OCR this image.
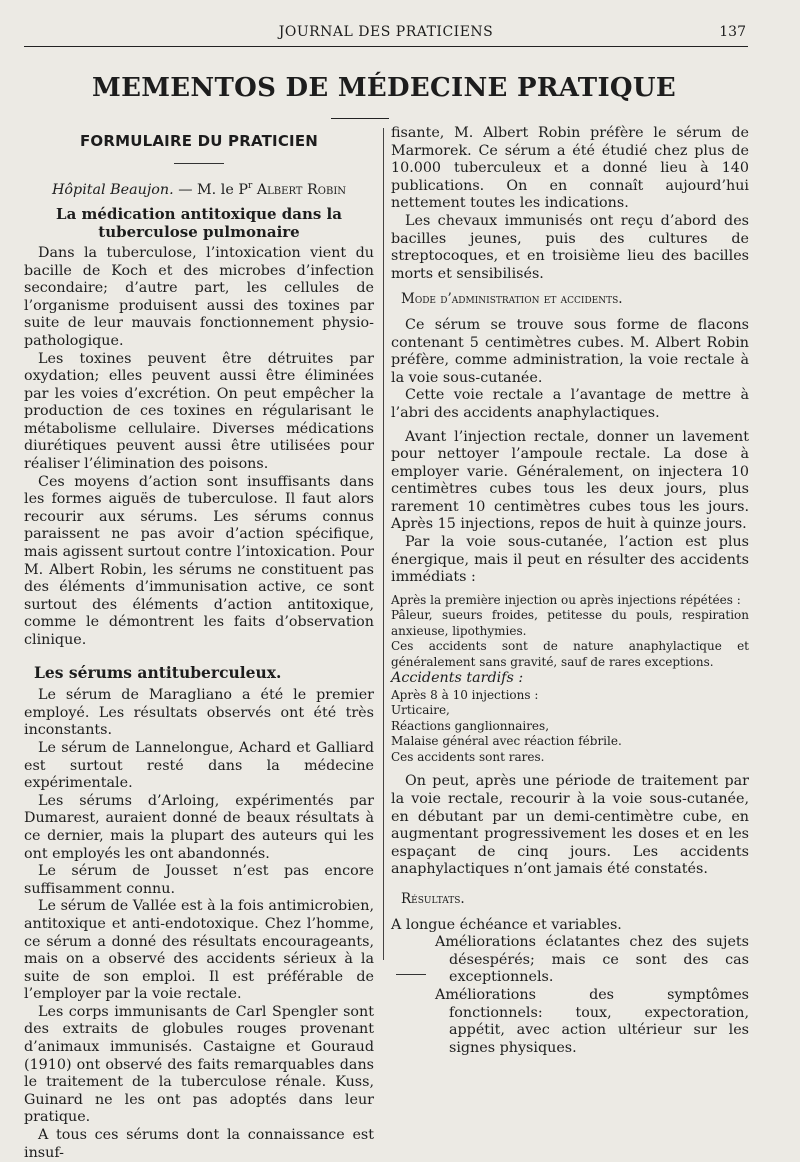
JOURNAL DES PRATICIENS	137
MEMENTOS DE MÉDECINE PRATIQUE
FORMULAIRE DU PRATICIEN
Hôpital Beaujon. — M. le $P^r$ Albert Robin
La médication antitoxique dans la tuberculose pulmonaire

Dans la tuberculose, l’intoxication vient du bacille de Koch et des microbes d’infection secondaire; d’autre part, les cellules de l’organisme produisent aussi des toxines par suite de leur mauvais fonctionnement physio-pathologique.

Les toxines peuvent être détruites par oxydation; elles peuvent aussi être éliminées par les voies d’excrétion. On peut empêcher la production de ces toxines en régularisant le métabolisme cellulaire. Diverses médications diurétiques peuvent aussi être utilisées pour réaliser l’élimination des poisons.

Ces moyens d’action sont insuffisants dans les formes aiguës de tuberculose. Il faut alors recourir aux sérums. Les sérums connus paraissent ne pas avoir d’action spécifique, mais agissent surtout contre l’intoxication. Pour M. Albert Robin, les sérums ne constituent pas des éléments d’immunisation active, ce sont surtout des éléments d’action antitoxique, comme le démontrent les faits d’observation clinique.

Les sérums antituberculeux.

Le sérum de Maragliano a été le premier employé. Les résultats observés ont été très inconstants.

Le sérum de Lannelongue, Achard et Galliard est surtout resté dans la médecine expérimentale.

Les sérums d’Arloing, expérimentés par Dumarest, auraient donné de beaux résultats à ce dernier, mais la plupart des auteurs qui les ont employés les ont abandonnés.

Le sérum de Jousset n’est pas encore suffisamment connu.

Le sérum de Vallée est à la fois antimicrobien, antitoxique et anti-endotoxique. Chez l’homme, ce sérum a donné des résultats encourageants, mais on a observé des accidents sérieux à la suite de son emploi. Il est préférable de l’employer par la voie rectale.

Les corps immunisants de Carl Spengler sont des extraits de globules rouges provenant d’animaux immunisés. Castaigne et Gouraud (1910) ont observé des faits remarquables dans le traitement de la tuberculose rénale. Kuss, Guinard ne les ont pas adoptés dans leur pratique.

A tous ces sérums dont la connaissance est insuf-

fisante, M. Albert Robin préfère le sérum de Marmorek. Ce sérum a été étudié chez plus de 10.000 tuberculeux et a donné lieu à 140 publications. On en connaît aujourd’hui nettement toutes les indications.

Les chevaux immunisés ont reçu d’abord des bacilles jeunes, puis des cultures de streptocoques, et en troisième lieu des bacilles morts et sensibilisés.

Mode d’administration et accidents.

Ce sérum se trouve sous forme de flacons contenant 5 centimètres cubes. M. Albert Robin préfère, comme administration, la voie rectale à la voie sous-cutanée.

Cette voie rectale a l’avantage de mettre à l’abri des accidents anaphylactiques.

Avant l’injection rectale, donner un lavement pour nettoyer l’ampoule rectale. La dose à employer varie. Généralement, on injectera 10 centimètres cubes tous les deux jours, plus rarement 10 centimètres cubes tous les jours. Après 15 injections, repos de huit à quinze jours.

Par la voie sous-cutanée, l’action est plus énergique, mais il peut en résulter des accidents immédiats :

Après la première injection ou après injections répétées :

Pâleur, sueurs froides, petitesse du pouls, respiration anxieuse, lipothymies.

Ces accidents sont de nature anaphylactique et généralement sans gravité, sauf de rares exceptions.

Accidents tardifs :

Après 8 à 10 injections :

Urticaire,

Réactions ganglionnaires,

Malaise général avec réaction fébrile.

Ces accidents sont rares.

On peut, après une période de traitement par la voie rectale, recourir à la voie sous-cutanée, en débutant par un demi-centimètre cube, en augmentant progressivement les doses et en les espaçant de cinq jours. Les accidents anaphylactiques n’ont jamais été constatés.

Résultats.

A longue échéance et variables.

Améliorations éclatantes chez des sujets désespérés; mais ce sont des cas exceptionnels.

Améliorations des symptômes fonctionnels: toux, expectoration, appétit, avec action ultérieur sur les signes physiques.
